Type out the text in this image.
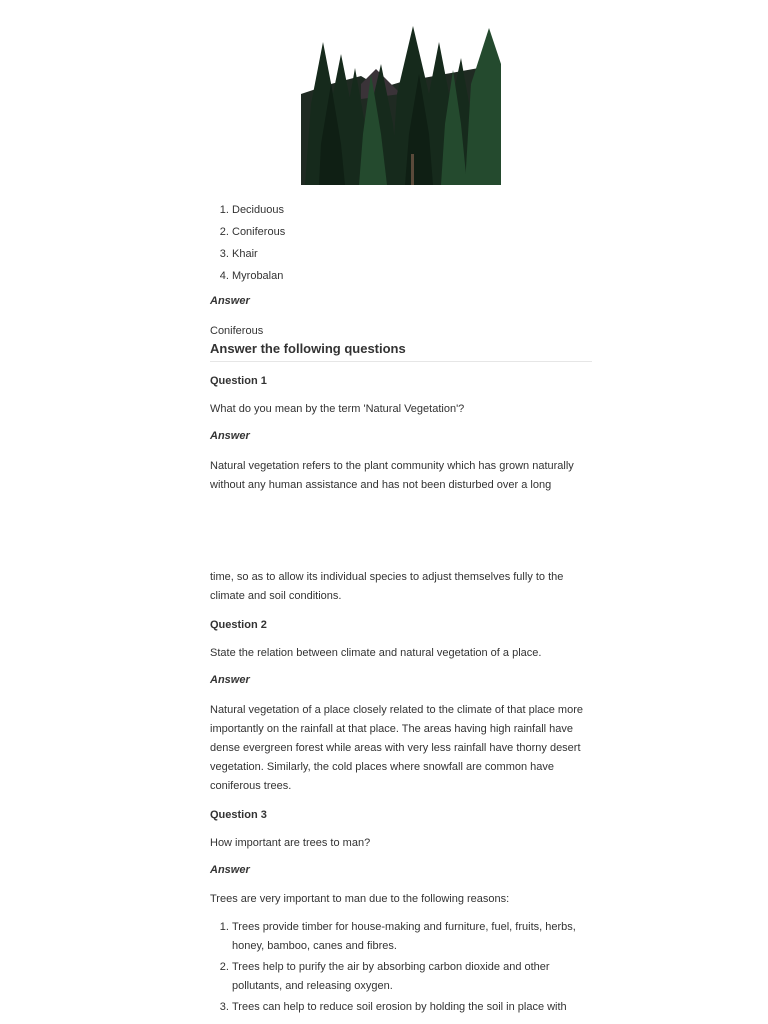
1. Deciduous
2. Coniferous
3. Khair
4. Myrobalan

Answer

Coniferous

Answer the following questions

Question 1

What do you mean by the term 'Natural Vegetation'?

Answer

Natural vegetation refers to the plant community which has grown naturally without any human assistance and has not been disturbed over a long

time, so as to allow its individual species to adjust themselves fully to the climate and soil conditions.

Question 2

State the relation between climate and natural vegetation of a place.

Answer

Natural vegetation of a place closely related to the climate of that place more importantly on the rainfall at that place. The areas having high rainfall have dense evergreen forest while areas with very less rainfall have thorny desert vegetation. Similarly, the cold places where snowfall are common have coniferous trees.

Question 3

How important are trees to man?

Answer

Trees are very important to man due to the following reasons:

1. Trees provide timber for house-making and furniture, fuel, fruits, herbs, honey, bamboo, canes and fibres.
2. Trees help to purify the air by absorbing carbon dioxide and other pollutants, and releasing oxygen.
3. Trees can help to reduce soil erosion by holding the soil in place with
